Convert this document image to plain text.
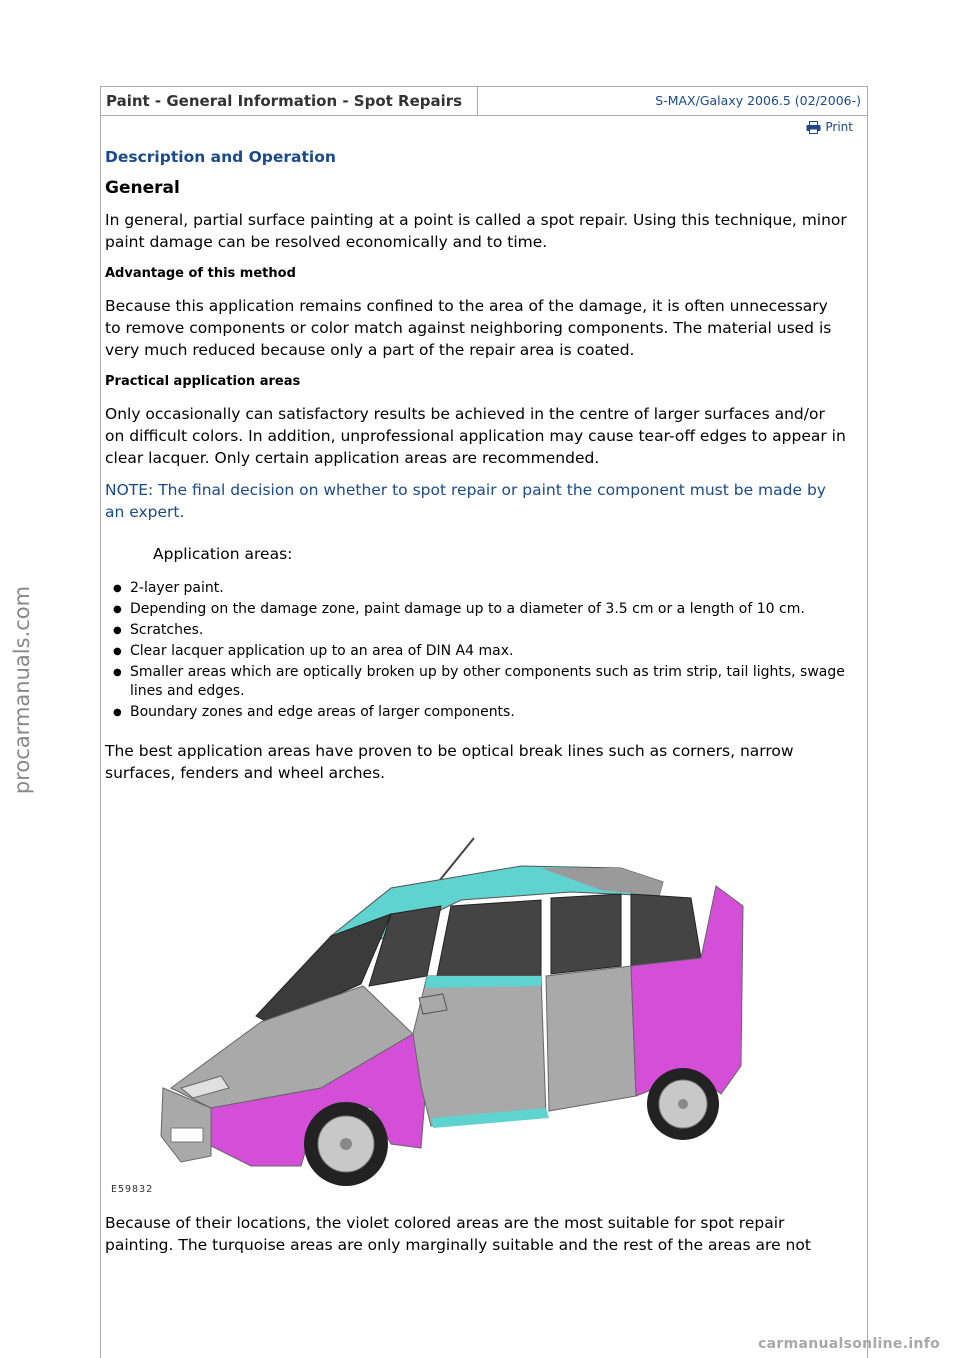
procarmanuals.com
Paint - General Information - Spot Repairs	S-MAX/Galaxy 2006.5 (02/2006-)
Print

Description and Operation

General

In general, partial surface painting at a point is called a spot repair. Using this technique, minor paint damage can be resolved economically and to time.

Advantage of this method

Because this application remains confined to the area of the damage, it is often unnecessary to remove components or color match against neighboring components. The material used is very much reduced because only a part of the repair area is coated.

Practical application areas

Only occasionally can satisfactory results be achieved in the centre of larger surfaces and/or on difficult colors. In addition, unprofessional application may cause tear-off edges to appear in clear lacquer. Only certain application areas are recommended.

NOTE: The final decision on whether to spot repair or paint the component must be made by an expert.

Application areas:

● 2-layer paint.
● Depending on the damage zone, paint damage up to a diameter of 3.5 cm or a length of 10 cm.
● Scratches.
● Clear lacquer application up to an area of DIN A4 max.
● Smaller areas which are optically broken up by other components such as trim strip, tail lights, swage lines and edges.
● Boundary zones and edge areas of larger components.

The best application areas have proven to be optical break lines such as corners, narrow surfaces, fenders and wheel arches.

E59832

Because of their locations, the violet colored areas are the most suitable for spot repair painting. The turquoise areas are only marginally suitable and the rest of the areas are not

carmanualsonline.info
